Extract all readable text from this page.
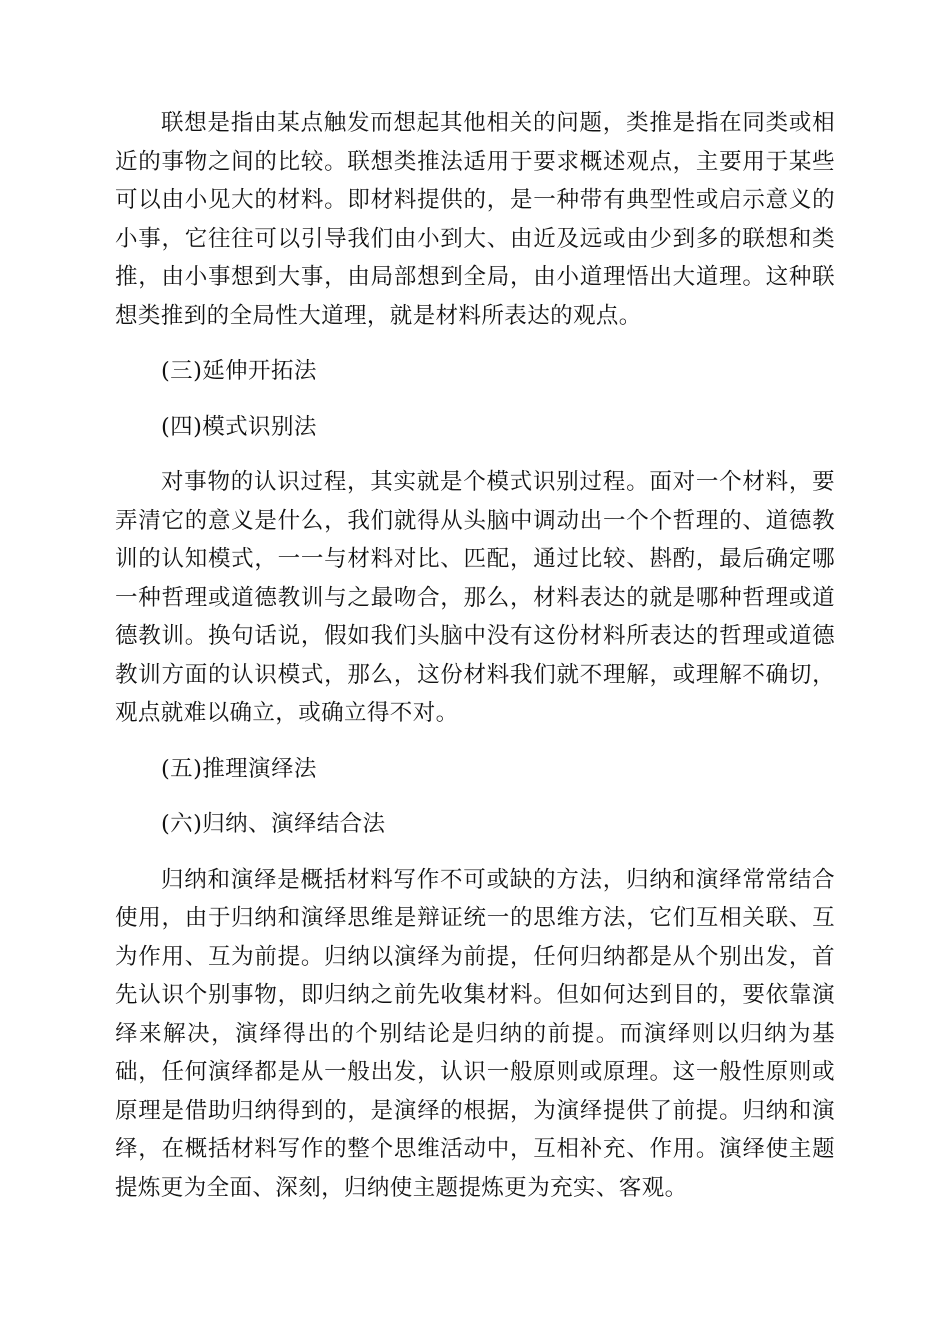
联想是指由某点触发而想起其他相关的问题，类推是指在同类或相近的事物之间的比较。联想类推法适用于要求概述观点，主要用于某些可以由小见大的材料。即材料提供的，是一种带有典型性或启示意义的小事，它往往可以引导我们由小到大、由近及远或由少到多的联想和类推，由小事想到大事，由局部想到全局，由小道理悟出大道理。这种联想类推到的全局性大道理，就是材料所表达的观点。

(三)延伸开拓法

(四)模式识别法

对事物的认识过程，其实就是个模式识别过程。面对一个材料，要弄清它的意义是什么，我们就得从头脑中调动出一个个哲理的、道德教训的认知模式，一一与材料对比、匹配，通过比较、斟酌，最后确定哪一种哲理或道德教训与之最吻合，那么，材料表达的就是哪种哲理或道德教训。换句话说，假如我们头脑中没有这份材料所表达的哲理或道德教训方面的认识模式，那么，这份材料我们就不理解，或理解不确切，观点就难以确立，或确立得不对。

(五)推理演绎法

(六)归纳、演绎结合法

归纳和演绎是概括材料写作不可或缺的方法，归纳和演绎常常结合使用，由于归纳和演绎思维是辩证统一的思维方法，它们互相关联、互为作用、互为前提。归纳以演绎为前提，任何归纳都是从个别出发，首先认识个别事物，即归纳之前先收集材料。但如何达到目的，要依靠演绎来解决，演绎得出的个别结论是归纳的前提。而演绎则以归纳为基础，任何演绎都是从一般出发，认识一般原则或原理。这一般性原则或原理是借助归纳得到的，是演绎的根据，为演绎提供了前提。归纳和演绎，在概括材料写作的整个思维活动中，互相补充、作用。演绎使主题提炼更为全面、深刻，归纳使主题提炼更为充实、客观。
